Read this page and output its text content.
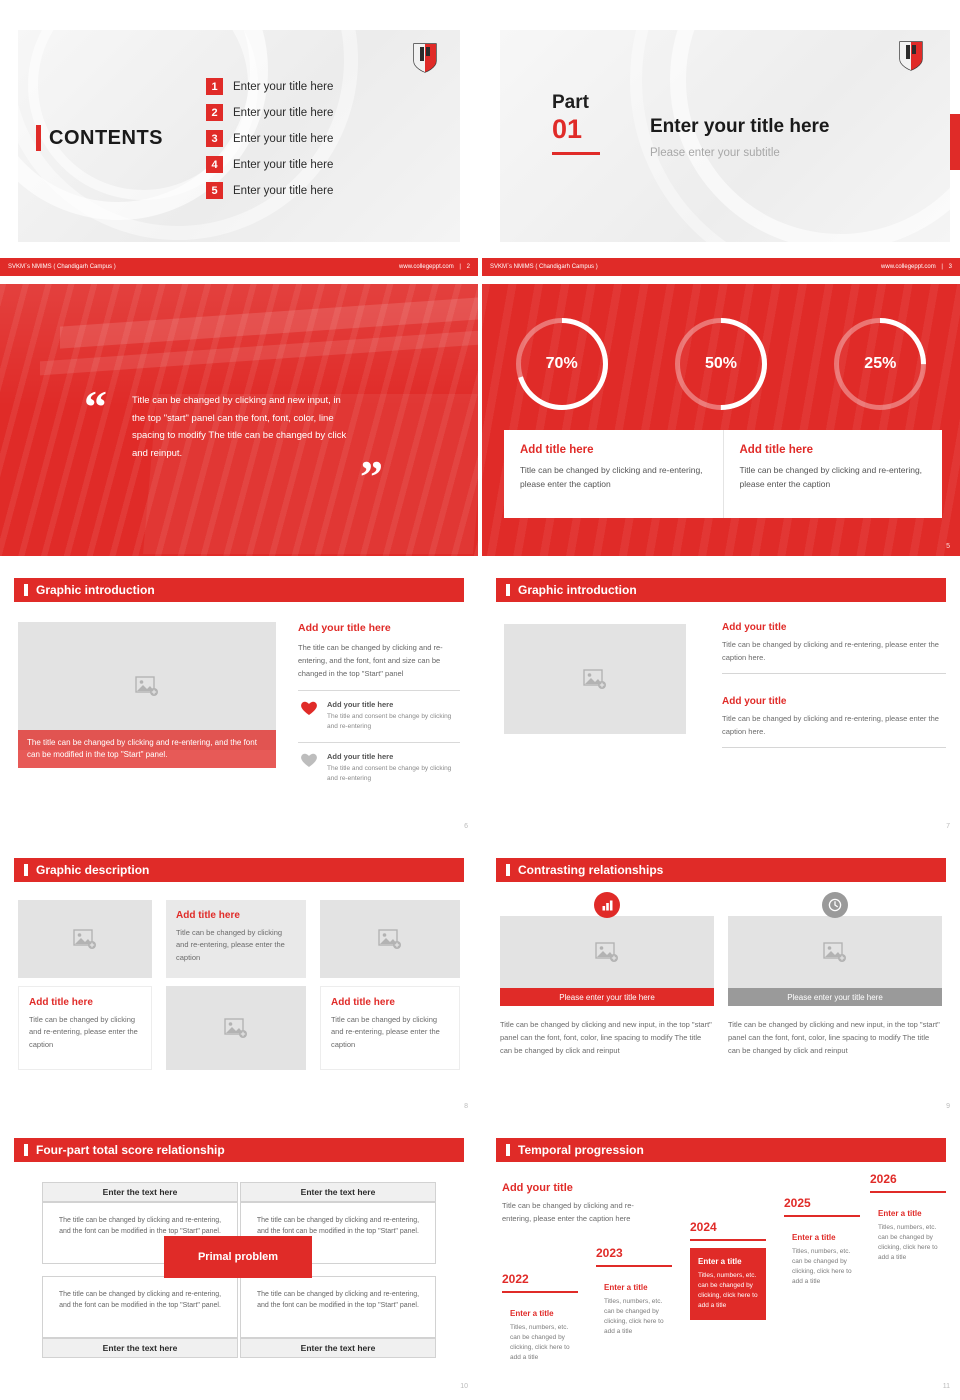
CONTENTS
1	Enter your title here
2	Enter your title here
3	Enter your title here
4	Enter your title here
5	Enter your title here
SVKM¨s NMIMS ( Chandigarh Campus )	www.collegeppt.com | 2
Part
01	Enter your title here
Please enter your subtitle
SVKM¨s NMIMS ( Chandigarh Campus )	www.collegeppt.com | 3
“	Title can be changed by clicking and new input, in the top "start" panel can the font, font, color, line spacing to modify The title can be changed by click and reinput.	”
70%	50%	25%
Add title here

Title can be changed by clicking and re-entering, please enter the caption

Add title here

Title can be changed by clicking and re-entering, please enter the caption

5
Graphic introduction
The title can be changed by clicking and re-entering, and the font can be modified in the top "Start" panel.
Add your title here

The title can be changed by clicking and re-entering, and the font, font and size can be changed in the top "Start" panel

Add your title here

The title and consent be change by clicking and re-entering

Add your title here

The title and consent be change by clicking and re-entering

6
Graphic introduction
Add your title

Title can be changed by clicking and re-entering, please enter the caption here.

Add your title

Title can be changed by clicking and re-entering, please enter the caption here.

7
Graphic description
Add title here

Title can be changed by clicking and re-entering, please enter the caption

Add title here

Title can be changed by clicking and re-entering, please enter the caption

Add title here

Title can be changed by clicking and re-entering, please enter the caption

8
Contrasting relationships
Please enter your title here
Title can be changed by clicking and new input, in the top "start" panel can the font, font, color, line spacing to modify The title can be changed by click and reinput
Please enter your title here
Title can be changed by clicking and new input, in the top "start" panel can the font, font, color, line spacing to modify The title can be changed by click and reinput
9
Four-part total score relationship
Enter the text here	Enter the text here
The title can be changed by clicking and re-entering, and the font can be modified in the top "Start" panel.
The title can be changed by clicking and re-entering, and the font can be modified in the top "Start" panel.
The title can be changed by clicking and re-entering, and the font can be modified in the top "Start" panel.
The title can be changed by clicking and re-entering, and the font can be modified in the top "Start" panel.
Enter the text here	Enter the text here
Primal problem
10
Temporal progression
Add your title

Title can be changed by clicking and re-entering, please enter the caption here

2022
Enter a title

Titles, numbers, etc. can be changed by clicking, click here to add a title

2023
Enter a title

Titles, numbers, etc. can be changed by clicking, click here to add a title

2024
Enter a title

Titles, numbers, etc. can be changed by clicking, click here to add a title

2025
Enter a title

Titles, numbers, etc. can be changed by clicking, click here to add a title

2026
Enter a title

Titles, numbers, etc. can be changed by clicking, click here to add a title

11
